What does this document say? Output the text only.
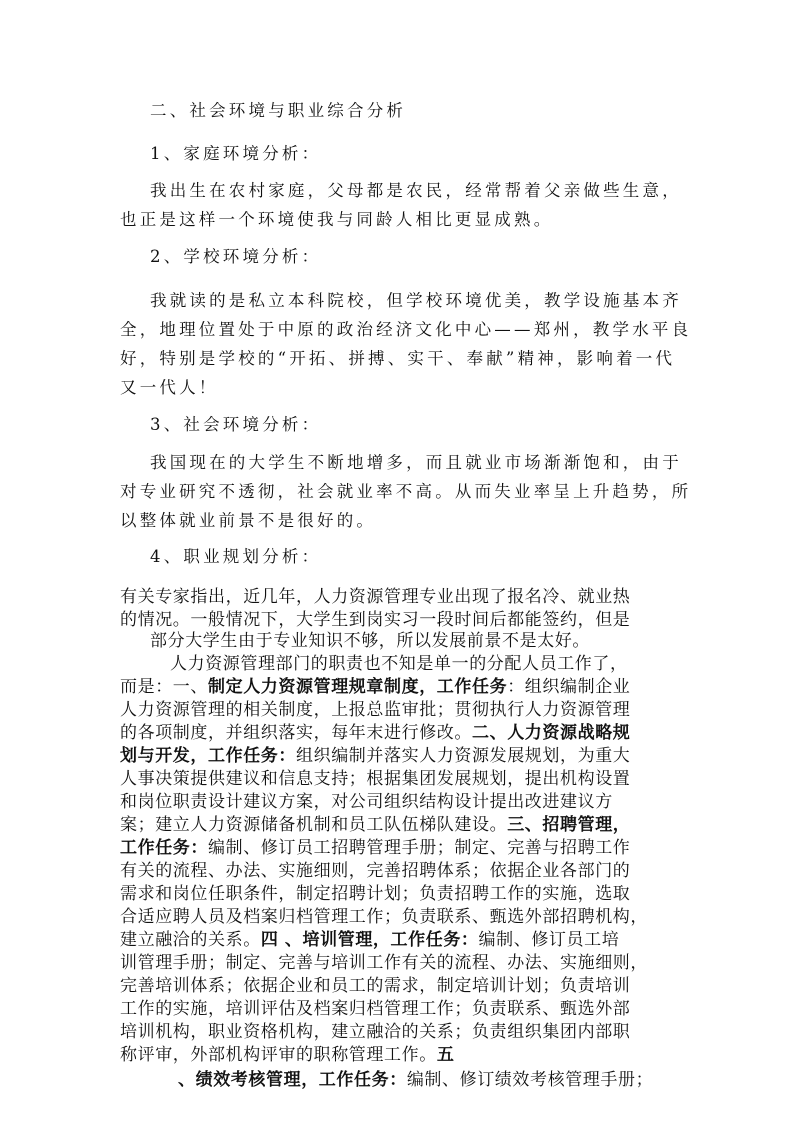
二、社会环境与职业综合分析
1、家庭环境分析：
我出生在农村家庭，父母都是农民，经常帮着父亲做些生意，
也正是这样一个环境使我与同龄人相比更显成熟。
2、学校环境分析：
我就读的是私立本科院校，但学校环境优美，教学设施基本齐
全，地理位置处于中原的政治经济文化中心——郑州，教学水平良
好，特别是学校的“开拓、拼搏、实干、奉献”精神，影响着一代
又一代人！
3、社会环境分析：
我国现在的大学生不断地增多，而且就业市场渐渐饱和，由于
对专业研究不透彻，社会就业率不高。从而失业率呈上升趋势，所
以整体就业前景不是很好的。
4、职业规划分析：
有关专家指出，近几年，人力资源管理专业出现了报名冷、就业热
的情况。一般情况下，大学生到岗实习一段时间后都能签约，但是
部分大学生由于专业知识不够，所以发展前景不是太好。
人力资源管理部门的职责也不知是单一的分配人员工作了，
而是：一、制定人力资源管理规章制度，工作任务：组织编制企业
人力资源管理的相关制度，上报总监审批；贯彻执行人力资源管理
的各项制度，并组织落实，每年末进行修改。二、人力资源战略规
划与开发，工作任务：组织编制并落实人力资源发展规划，为重大
人事决策提供建议和信息支持；根据集团发展规划，提出机构设置
和岗位职责设计建议方案，对公司组织结构设计提出改进建议方
案；建立人力资源储备机制和员工队伍梯队建设。三、招聘管理，
工作任务：编制、修订员工招聘管理手册；制定、完善与招聘工作
有关的流程、办法、实施细则，完善招聘体系；依据企业各部门的
需求和岗位任职条件，制定招聘计划；负责招聘工作的实施，选取
合适应聘人员及档案归档管理工作；负责联系、甄选外部招聘机构，
建立融洽的关系。四 、培训管理，工作任务：编制、修订员工培
训管理手册；制定、完善与培训工作有关的流程、办法、实施细则，
完善培训体系；依据企业和员工的需求，制定培训计划；负责培训
工作的实施，培训评估及档案归档管理工作；负责联系、甄选外部
培训机构，职业资格机构，建立融洽的关系；负责组织集团内部职
称评审，外部机构评审的职称管理工作。五
、绩效考核管理，工作任务：编制、修订绩效考核管理手册；
